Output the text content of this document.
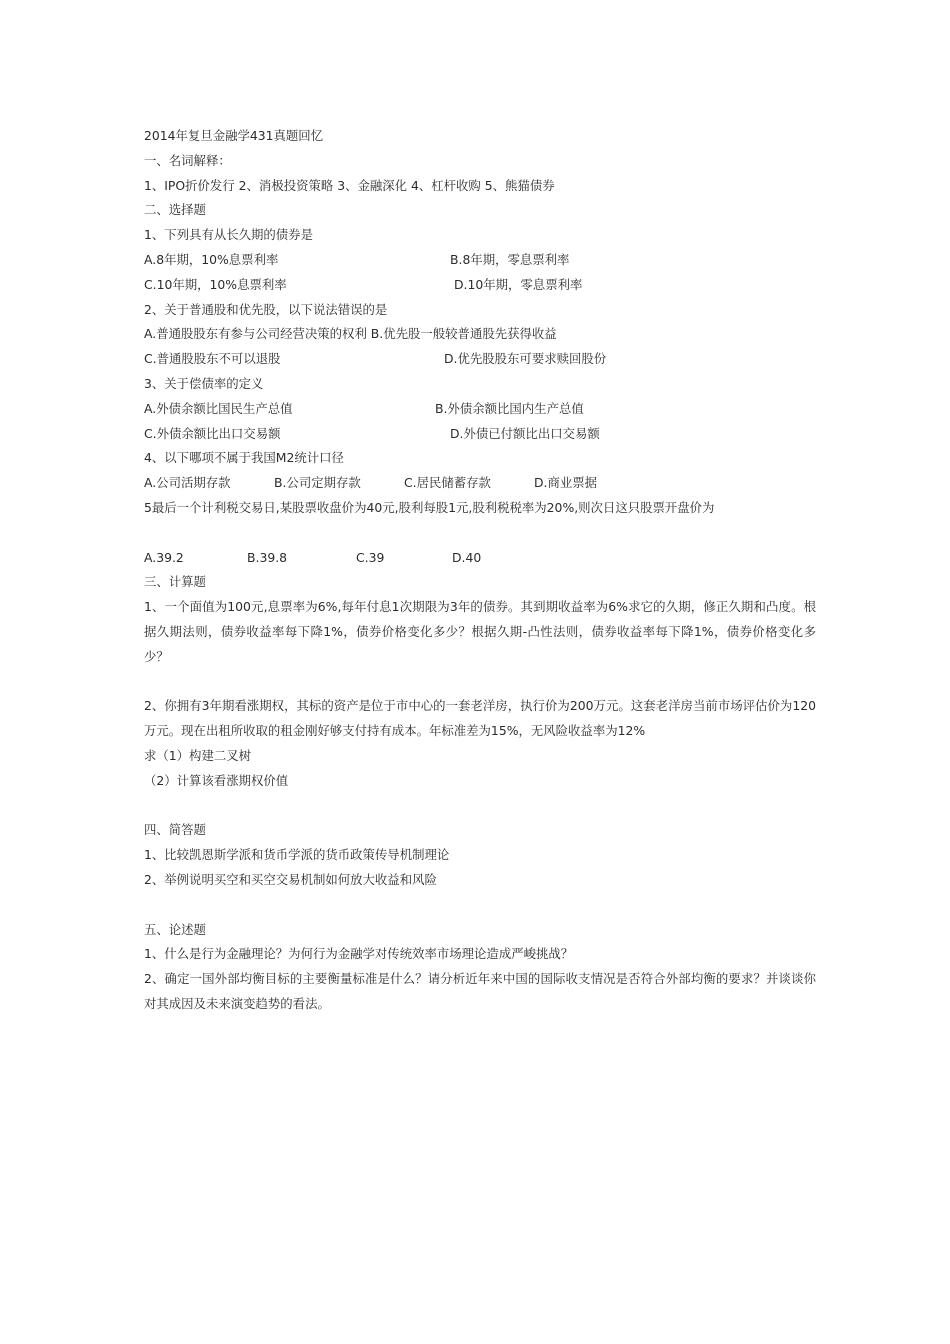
2014年复旦金融学431真题回忆
一、名词解释：
1、IPO折价发行 2、消极投资策略 3、金融深化 4、杠杆收购 5、熊猫债券
二、选择题
1、下列具有从长久期的债券是
A.8年期，10%息票利率	B.8年期，零息票利率
C.10年期，10%息票利率	D.10年期，零息票利率
2、关于普通股和优先股，以下说法错误的是
A.普通股股东有参与公司经营决策的权利 B.优先股一般较普通股先获得收益
C.普通股股东不可以退股	D.优先股股东可要求赎回股份
3、关于偿债率的定义
A.外债余额比国民生产总值	B.外债余额比国内生产总值
C.外债余额比出口交易额	D.外债已付额比出口交易额
4、以下哪项不属于我国M2统计口径
A.公司活期存款	B.公司定期存款	C.居民储蓄存款	D.商业票据
5最后一个计利税交易日,某股票收盘价为40元,股利每股1元,股利税税率为20%,则次日这只股票开盘价为
A.39.2	B.39.8	C.39	D.40
三、计算题
1、一个面值为100元,息票率为6%,每年付息1次期限为3年的债券。其到期收益率为6%求它的久期，修正久期和凸度。根据久期法则，债券收益率每下降1%，债券价格变化多少？根据久期-凸性法则，债券收益率每下降1%，债券价格变化多少？
2、你拥有3年期看涨期权，其标的资产是位于市中心的一套老洋房，执行价为200万元。这套老洋房当前市场评估价为120万元。现在出租所收取的租金刚好够支付持有成本。年标准差为15%，无风险收益率为12%
求（1）构建二叉树
（2）计算该看涨期权价值
四、简答题
1、比较凯恩斯学派和货币学派的货币政策传导机制理论
2、举例说明买空和买空交易机制如何放大收益和风险
五、论述题
1、什么是行为金融理论？为何行为金融学对传统效率市场理论造成严峻挑战？
2、确定一国外部均衡目标的主要衡量标准是什么？请分析近年来中国的国际收支情况是否符合外部均衡的要求？并谈谈你对其成因及未来演变趋势的看法。
